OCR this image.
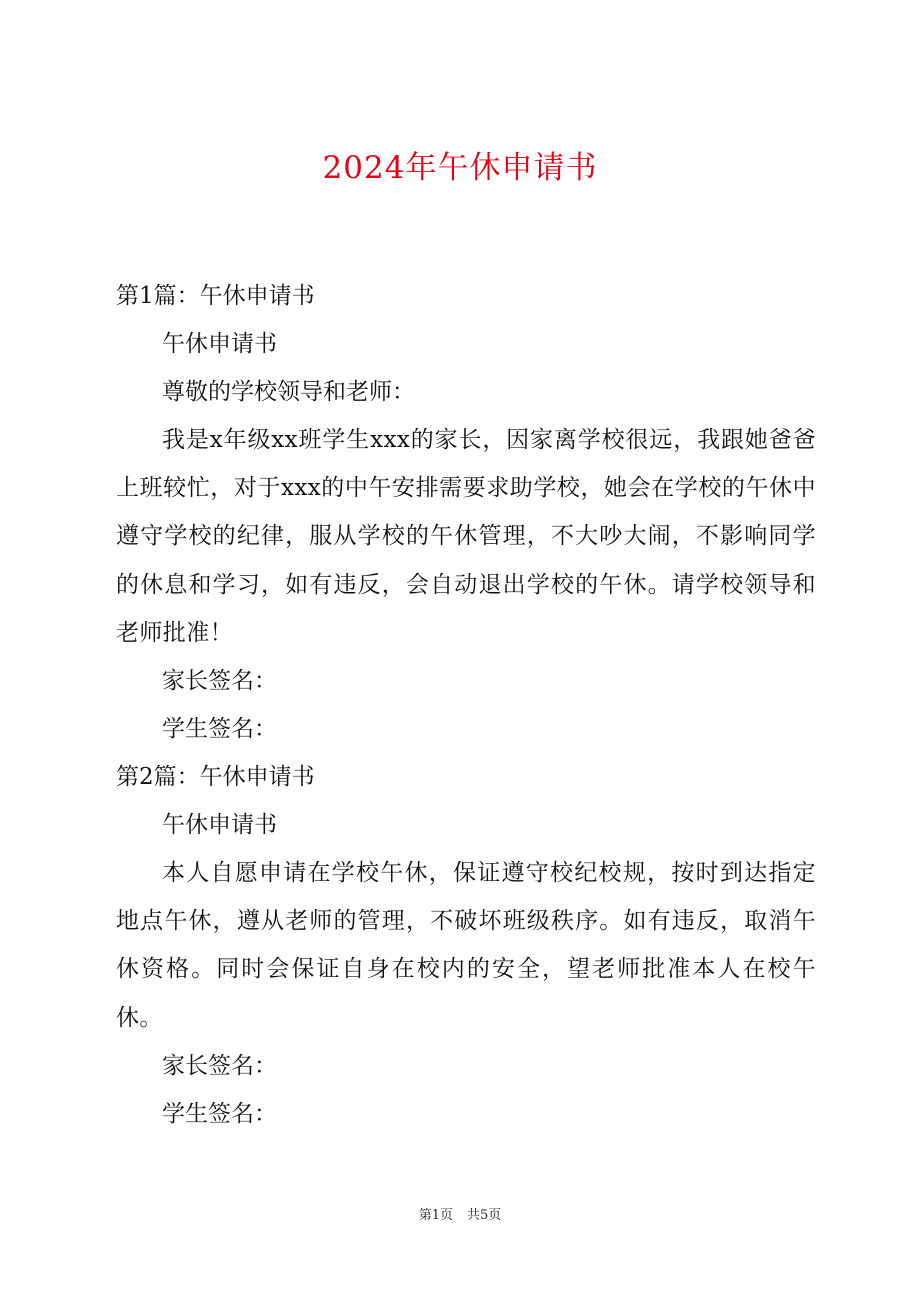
2024年午休申请书
第1篇：午休申请书
午休申请书
尊敬的学校领导和老师：
我是x年级xx班学生xxx的家长，因家离学校很远，我跟她爸爸上班较忙，对于xxx的中午安排需要求助学校，她会在学校的午休中遵守学校的纪律，服从学校的午休管理，不大吵大闹，不影响同学的休息和学习，如有违反，会自动退出学校的午休。请学校领导和老师批准！
家长签名：
学生签名：
第2篇：午休申请书
午休申请书
本人自愿申请在学校午休，保证遵守校纪校规，按时到达指定地点午休，遵从老师的管理，不破坏班级秩序。如有违反，取消午休资格。同时会保证自身在校内的安全，望老师批准本人在校午休。
家长签名：
学生签名：
第1页 共5页
